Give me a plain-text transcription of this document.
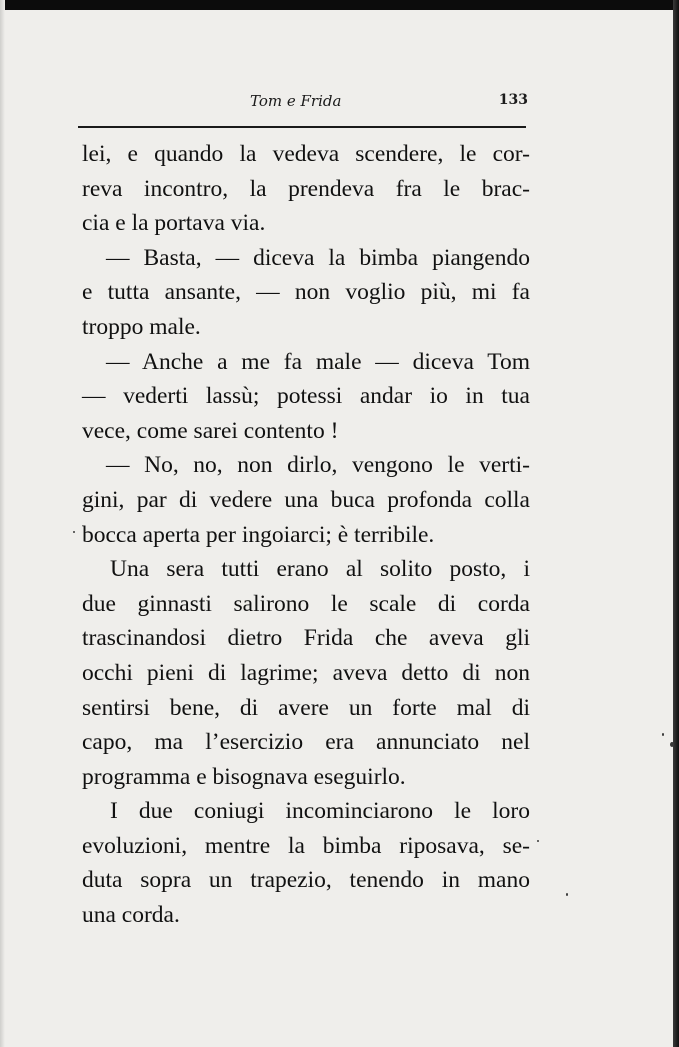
Tom e Frida	133
lei, e quando la vedeva scendere, le cor-
reva incontro, la prendeva fra le brac-
cia e la portava via.
— Basta, — diceva la bimba piangendo
e tutta ansante, — non voglio più, mi fa
troppo male.
— Anche a me fa male — diceva Tom
— vederti lassù; potessi andar io in tua
vece, come sarei contento !
— No, no, non dirlo, vengono le verti-
gini, par di vedere una buca profonda colla
bocca aperta per ingoiarci; è terribile.
Una sera tutti erano al solito posto, i
due ginnasti salirono le scale di corda
trascinandosi dietro Frida che aveva gli
occhi pieni di lagrime; aveva detto di non
sentirsi bene, di avere un forte mal di
capo, ma l’esercizio era annunciato nel
programma e bisognava eseguirlo.
I due coniugi incominciarono le loro
evoluzioni, mentre la bimba riposava, se-
duta sopra un trapezio, tenendo in mano
una corda.
